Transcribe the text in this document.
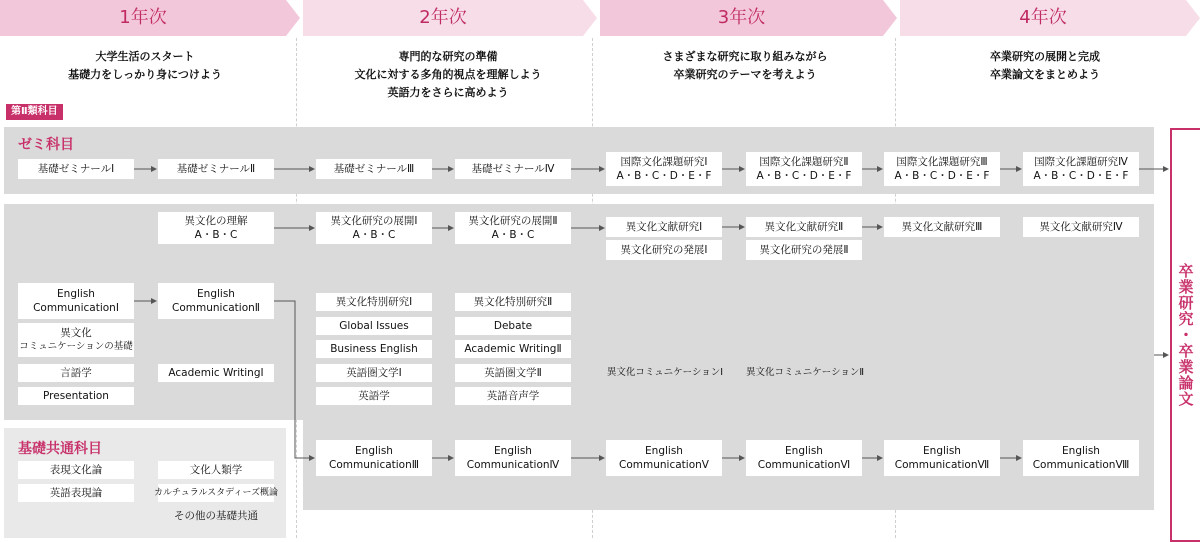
1年次	2年次	3年次	4年次
大学生活のスタート
基礎力をしっかり身につけよう
専門的な研究の準備
文化に対する多角的視点を理解しよう
英語力をさらに高めよう
さまざまな研究に取り組みながら
卒業研究のテーマを考えよう
卒業研究の展開と完成
卒業論文をまとめよう
第Ⅱ類科目
ゼミ科目
基礎共通科目
基礎ゼミナールⅠ	基礎ゼミナールⅡ	基礎ゼミナールⅢ	基礎ゼミナールⅣ
国際文化課題研究Ⅰ
A・B・C・D・E・F
国際文化課題研究Ⅱ
A・B・C・D・E・F
国際文化課題研究Ⅲ
A・B・C・D・E・F
国際文化課題研究Ⅳ
A・B・C・D・E・F
異文化の理解
A・B・C
異文化研究の展開Ⅰ
A・B・C
異文化研究の展開Ⅱ
A・B・C
異文化文献研究Ⅰ	異文化文献研究Ⅱ	異文化文献研究Ⅲ	異文化文献研究Ⅳ
異文化研究の発展Ⅰ	異文化研究の発展Ⅱ
English
CommunicationⅠ
異文化
コミュニケーションの基礎
言語学
Presentation
English
CommunicationⅡ
Academic WritingⅠ
異文化特別研究Ⅰ
Global Issues
Business English
英語圏文学Ⅰ
英語学
異文化特別研究Ⅱ
Debate
Academic WritingⅡ
英語圏文学Ⅱ
英語音声学
異文化コミュニケーションⅠ 異文化コミュニケーションⅡ
English
CommunicationⅢ
English
CommunicationⅣ
English
CommunicationⅤ
English
CommunicationⅥ
English
CommunicationⅦ
English
CommunicationⅧ
表現文化論	文化人類学
英語表現論	カルチュラルスタディーズ概論
その他の基礎共通
卒業研究・卒業論文
